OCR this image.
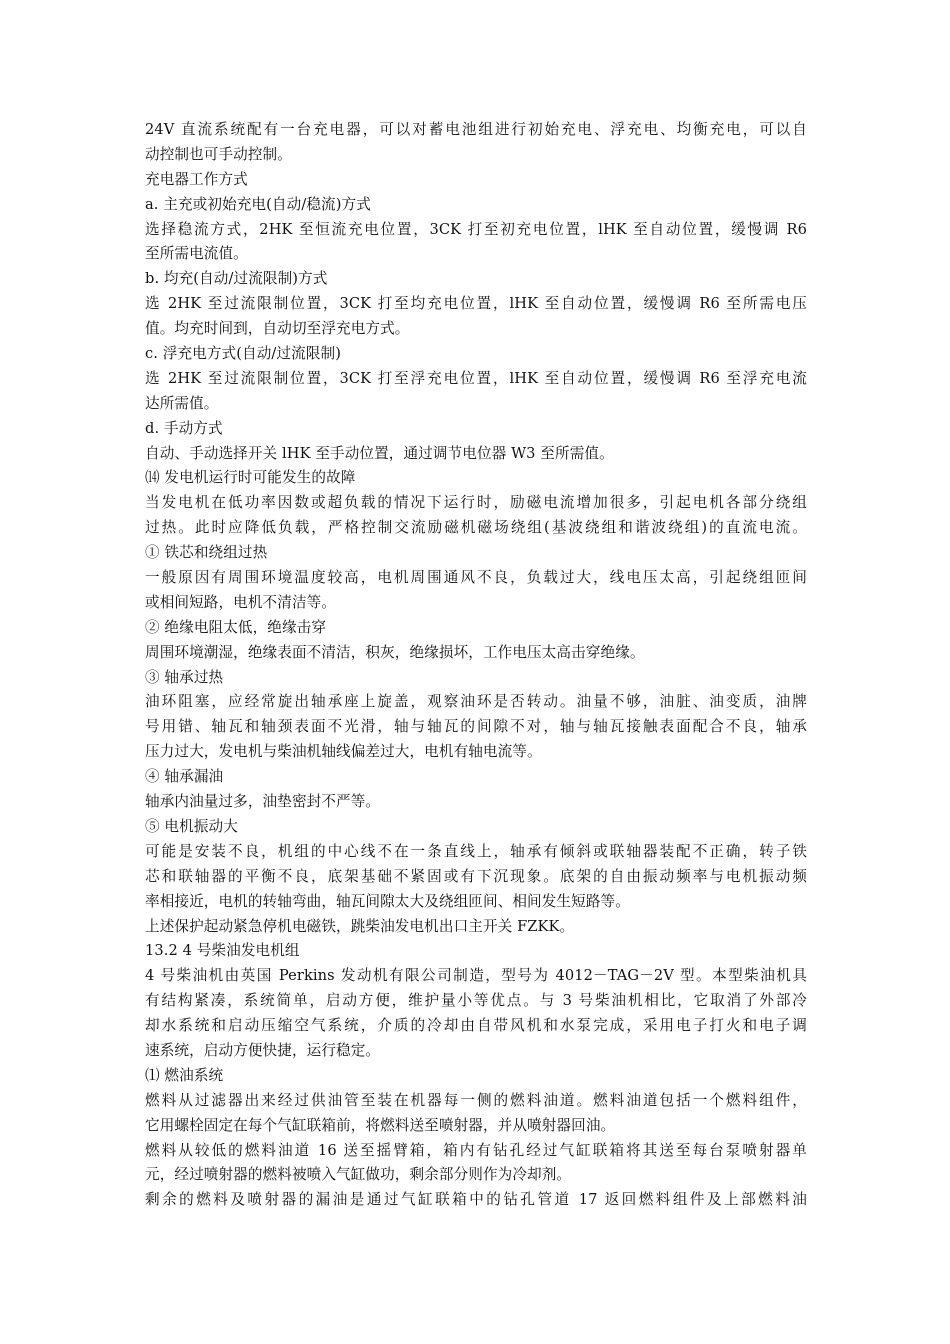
24V 直流系统配有一台充电器，可以对蓄电池组进行初始充电、浮充电、均衡充电，可以自
动控制也可手动控制。
充电器工作方式
a. 主充或初始充电(自动/稳流)方式
选择稳流方式，2HK 至恒流充电位置，3CK 打至初充电位置，lHK 至自动位置，缓慢调 R6
至所需电流值。
b. 均充(自动/过流限制)方式
选 2HK 至过流限制位置，3CK 打至均充电位置，lHK 至自动位置，缓慢调 R6 至所需电压
值。均充时间到，自动切至浮充电方式。
c. 浮充电方式(自动/过流限制)
选 2HK 至过流限制位置，3CK 打至浮充电位置，lHK 至自动位置，缓慢调 R6 至浮充电流
达所需值。
d. 手动方式
自动、手动选择开关 lHK 至手动位置，通过调节电位器 W3 至所需值。
⒁ 发电机运行时可能发生的故障
当发电机在低功率因数或超负载的情况下运行时，励磁电流增加很多，引起电机各部分绕组
过热。此时应降低负载，严格控制交流励磁机磁场绕组(基波绕组和谐波绕组)的直流电流。
① 铁芯和绕组过热
一般原因有周围环境温度较高，电机周围通风不良，负载过大，线电压太高，引起绕组匝间
或相间短路，电机不清洁等。
② 绝缘电阻太低，绝缘击穿
周围环境潮湿，绝缘表面不清洁，积灰，绝缘损坏，工作电压太高击穿绝缘。
③ 轴承过热
油环阻塞，应经常旋出轴承座上旋盖，观察油环是否转动。油量不够，油脏、油变质，油牌
号用错、轴瓦和轴颈表面不光滑，轴与轴瓦的间隙不对，轴与轴瓦接触表面配合不良，轴承
压力过大，发电机与柴油机轴线偏差过大，电机有轴电流等。
④ 轴承漏油
轴承内油量过多，油垫密封不严等。
⑤ 电机振动大
可能是安装不良，机组的中心线不在一条直线上，轴承有倾斜或联轴器装配不正确，转子铁
芯和联轴器的平衡不良，底架基础不紧固或有下沉现象。底架的自由振动频率与电机振动频
率相接近，电机的转轴弯曲，轴瓦间隙太大及绕组匝间、相间发生短路等。
上述保护起动紧急停机电磁铁，跳柴油发电机出口主开关 FZKK。
13.2 4 号柴油发电机组
4 号柴油机由英国 Perkins 发动机有限公司制造，型号为 4012－TAG－2V 型。本型柴油机具
有结构紧凑，系统简单，启动方便，维护量小等优点。与 3 号柴油机相比，它取消了外部冷
却水系统和启动压缩空气系统，介质的冷却由自带风机和水泵完成，采用电子打火和电子调
速系统，启动方便快捷，运行稳定。
⑴ 燃油系统
燃料从过滤器出来经过供油管至装在机器每一侧的燃料油道。燃料油道包括一个燃料组件，
它用螺栓固定在每个气缸联箱前，将燃料送至喷射器，并从喷射器回油。
燃料从较低的燃料油道 16 送至摇臂箱，箱内有钻孔经过气缸联箱将其送至每台泵喷射器单
元，经过喷射器的燃料被喷入气缸做功，剩余部分则作为冷却剂。
剩余的燃料及喷射器的漏油是通过气缸联箱中的钻孔管道 17 返回燃料组件及上部燃料油
